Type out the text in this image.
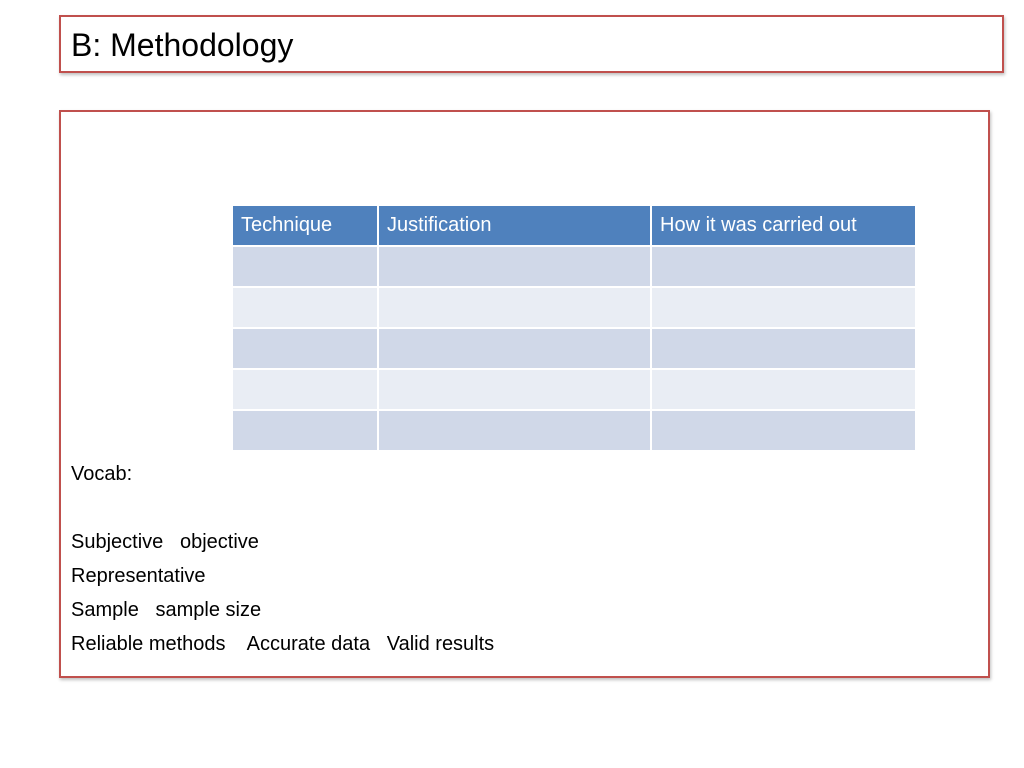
B: Methodology
Technique	Justification	How it was carried out

Vocab:
Subjective   objective
Representative
Sample   sample size
Reliable methods    Accurate data   Valid results
